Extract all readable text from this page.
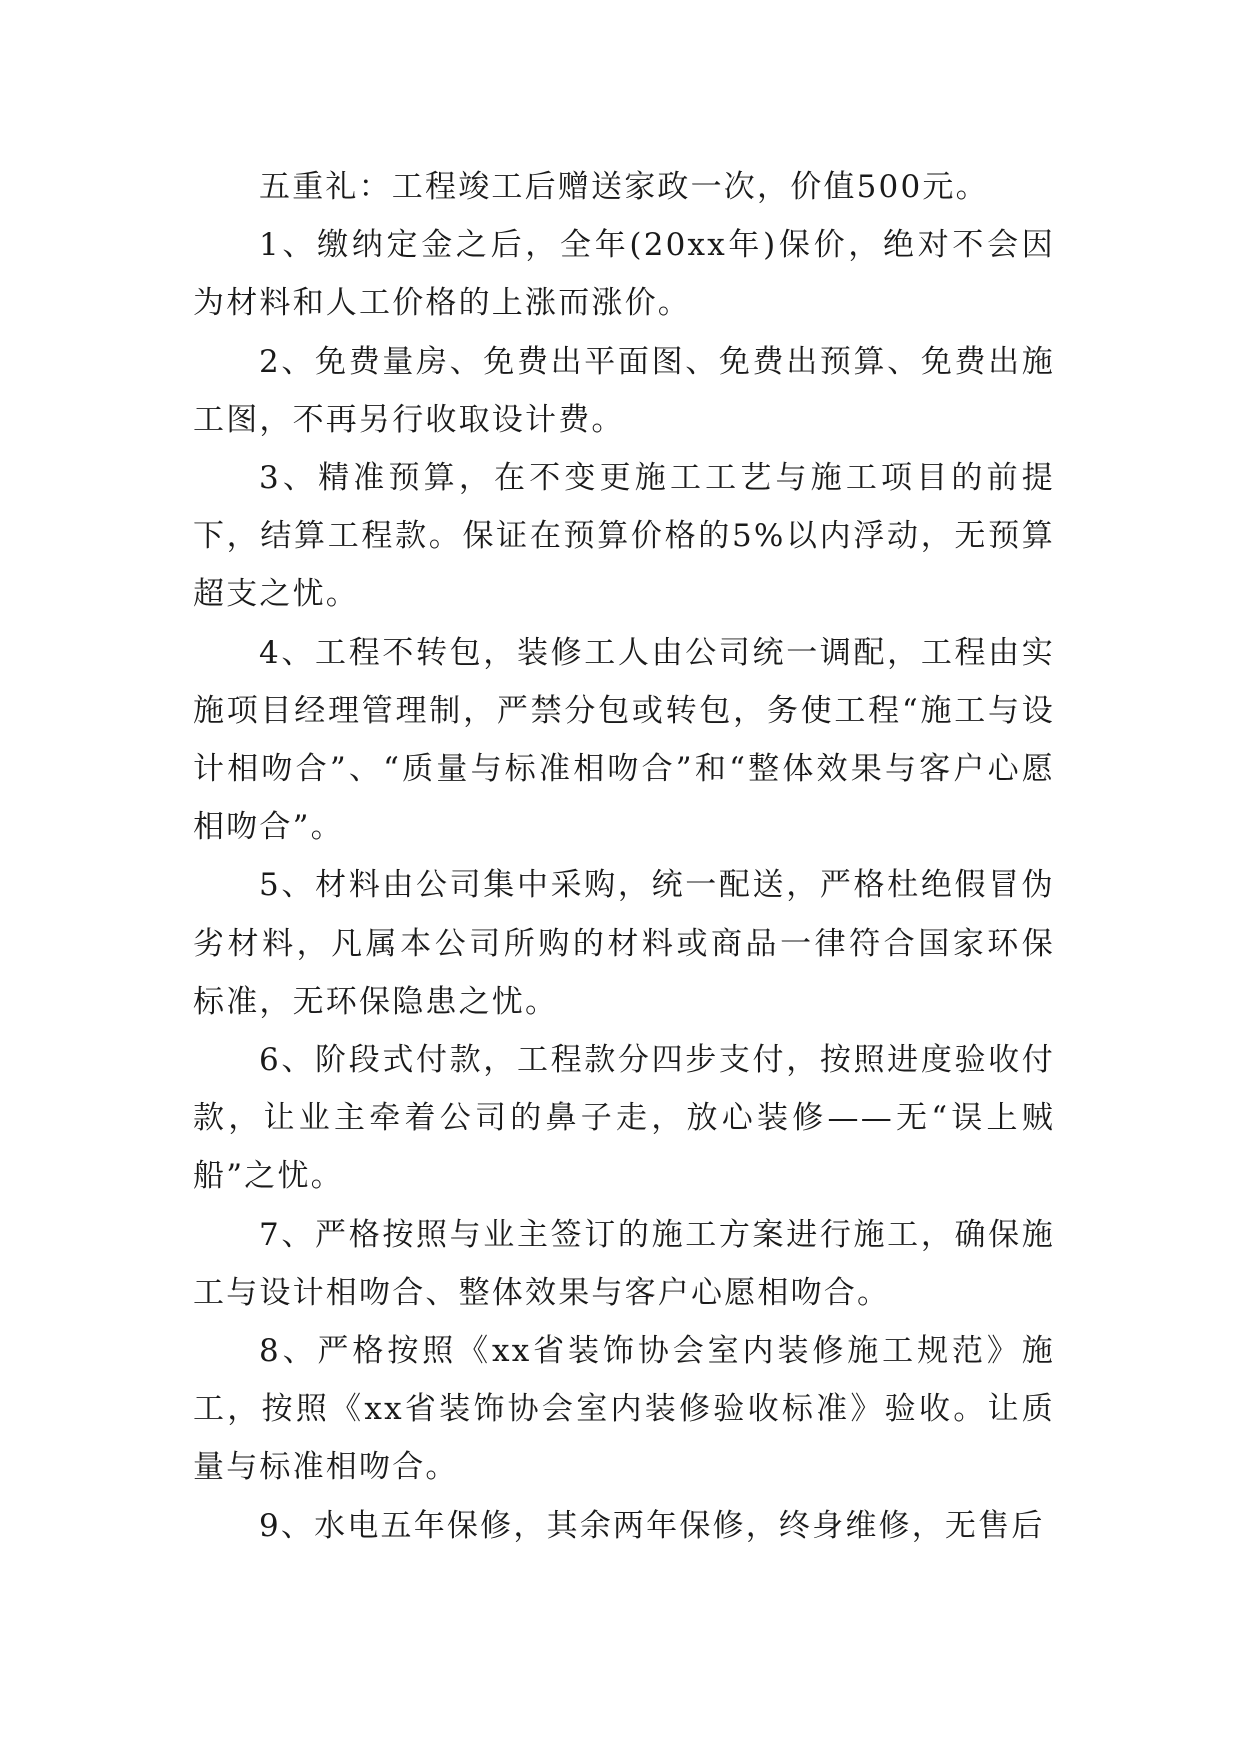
五重礼：工程竣工后赠送家政一次，价值500元。

1、缴纳定金之后，全年(20xx年)保价，绝对不会因为材料和人工价格的上涨而涨价。

2、免费量房、免费出平面图、免费出预算、免费出施工图，不再另行收取设计费。

3、精准预算，在不变更施工工艺与施工项目的前提下，结算工程款。保证在预算价格的5%以内浮动，无预算超支之忧。

4、工程不转包，装修工人由公司统一调配，工程由实施项目经理管理制，严禁分包或转包，务使工程“施工与设计相吻合”、“质量与标准相吻合”和“整体效果与客户心愿相吻合”。

5、材料由公司集中采购，统一配送，严格杜绝假冒伪劣材料，凡属本公司所购的材料或商品一律符合国家环保标准，无环保隐患之忧。

6、阶段式付款，工程款分四步支付，按照进度验收付款，让业主牵着公司的鼻子走，放心装修——无“误上贼船”之忧。

7、严格按照与业主签订的施工方案进行施工，确保施工与设计相吻合、整体效果与客户心愿相吻合。

8、严格按照《xx省装饰协会室内装修施工规范》施工，按照《xx省装饰协会室内装修验收标准》验收。让质量与标准相吻合。

9、水电五年保修，其余两年保修，终身维修，无售后
